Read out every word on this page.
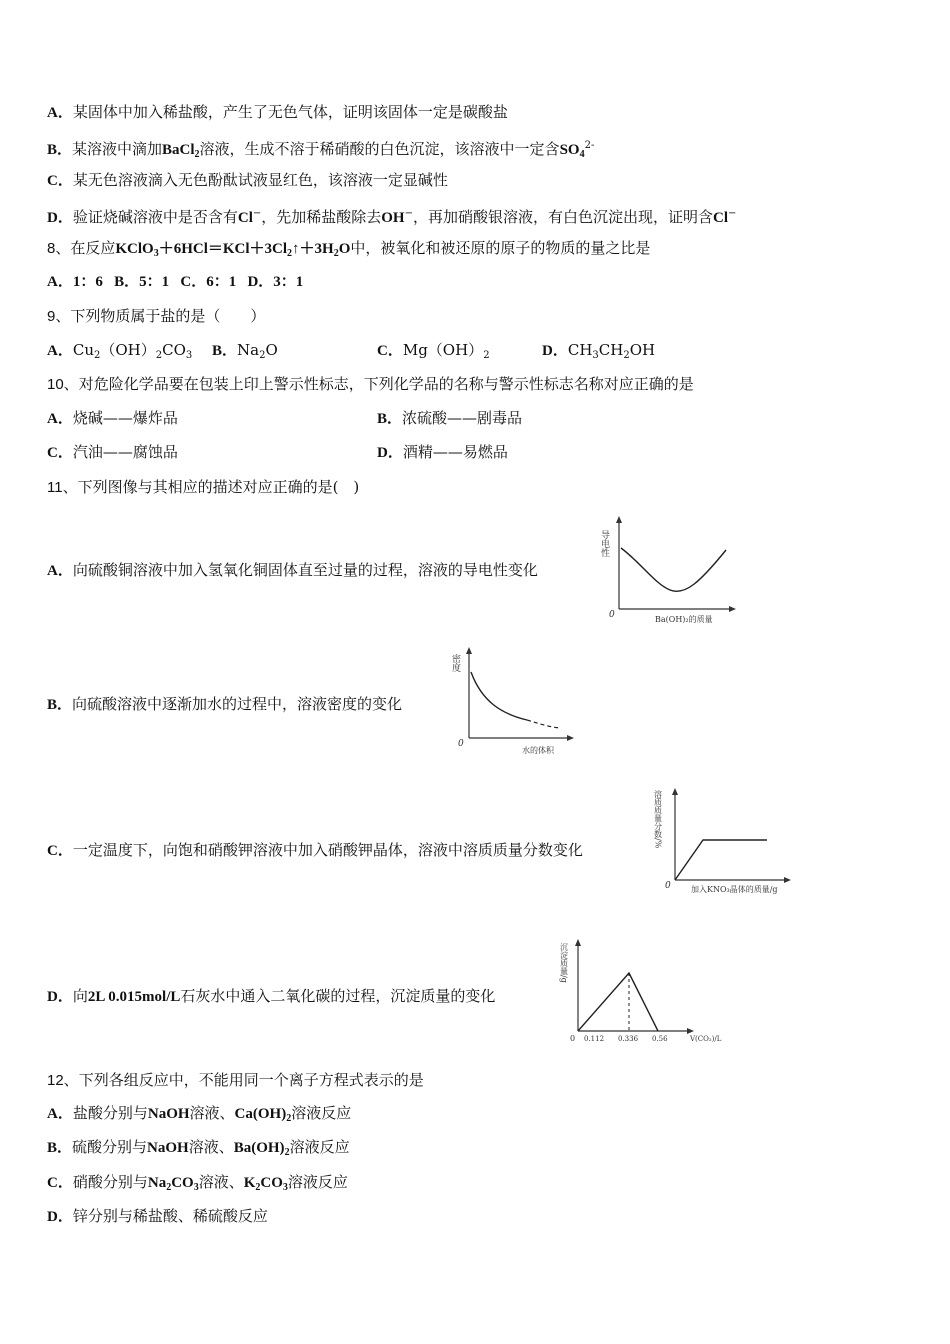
A．某固体中加入稀盐酸，产生了无色气体，证明该固体一定是碳酸盐
B．某溶液中滴加BaCl$_2$溶液，生成不溶于稀硝酸的白色沉淀，该溶液中一定含$SO_4^{2-}$
C．某无色溶液滴入无色酚酞试液显红色，该溶液一定显碱性
D．验证烧碱溶液中是否含有Cl−，先加稀盐酸除去OH−，再加硝酸银溶液，有白色沉淀出现，证明含Cl−
8、在反应$KClO_3+6HCl=KCl+3Cl_2↑+3H_2O$中，被氧化和被还原的原子的物质的量之比是
A．1：6 B．5：1 C．6：1 D．3：1
9、下列物质属于盐的是（　　）
A．$Cu_2(OH)_2CO_3$ B．$Na_2O$	C．$Mg(OH)_2$	D．$CH_3CH_2OH$
10、对危险化学品要在包装上印上警示性标志，下列化学品的名称与警示性标志名称对应正确的是
A．烧碱——爆炸品	B．浓硫酸——剧毒品
C．汽油——腐蚀品	D．酒精——易燃品
11、下列图像与其相应的描述对应正确的是(　)
A．向硫酸铜溶液中加入氢氧化铜固体直至过量的过程，溶液的导电性变化
导电性
0	Ba(OH)₂的质量
B．向硫酸溶液中逐渐加水的过程中，溶液密度的变化
密度
0
水的体积
C．一定温度下，向饱和硝酸钾溶液中加入硝酸钾晶体，溶液中溶质质量分数变化
溶质质量分数/%
0	加入KNO₃晶体的质量/g
D．向2L 0.015mol/L石灰水中通入二氧化碳的过程，沉淀质量的变化
沉淀质量/g
0 0.112 0.336 0.56	V(CO₂)/L
12、下列各组反应中，不能用同一个离子方程式表示的是
A．盐酸分别与NaOH溶液、$Ca(OH)_2$溶液反应
B．硫酸分别与NaOH溶液、$Ba(OH)_2$溶液反应
C．硝酸分别与$Na_2CO_3$溶液、$K_2CO_3$溶液反应
D．锌分别与稀盐酸、稀硫酸反应
